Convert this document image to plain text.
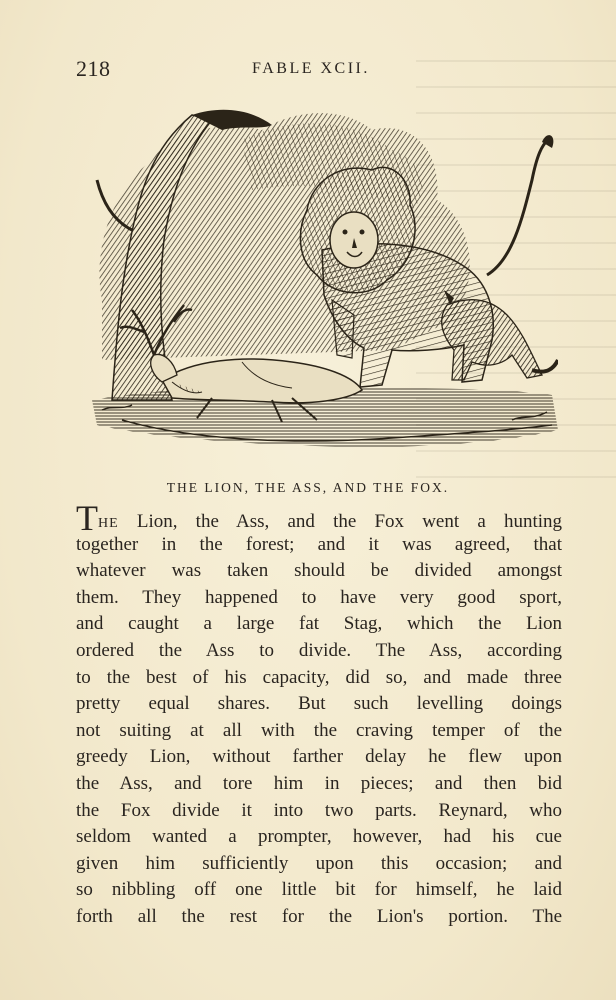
218	FABLE XCII.
THE LION, THE ASS, AND THE FOX.
THE Lion, the Ass, and the Fox went a hunting
together in the forest; and it was agreed, that
whatever was taken should be divided amongst
them. They happened to have very good sport,
and caught a large fat Stag, which the Lion
ordered the Ass to divide. The Ass, according
to the best of his capacity, did so, and made three
pretty equal shares. But such levelling doings
not suiting at all with the craving temper of the
greedy Lion, without farther delay he flew upon
the Ass, and tore him in pieces; and then bid
the Fox divide it into two parts. Reynard, who
seldom wanted a prompter, however, had his cue
given him sufficiently upon this occasion; and
so nibbling off one little bit for himself, he laid
forth all the rest for the Lion's portion. The
